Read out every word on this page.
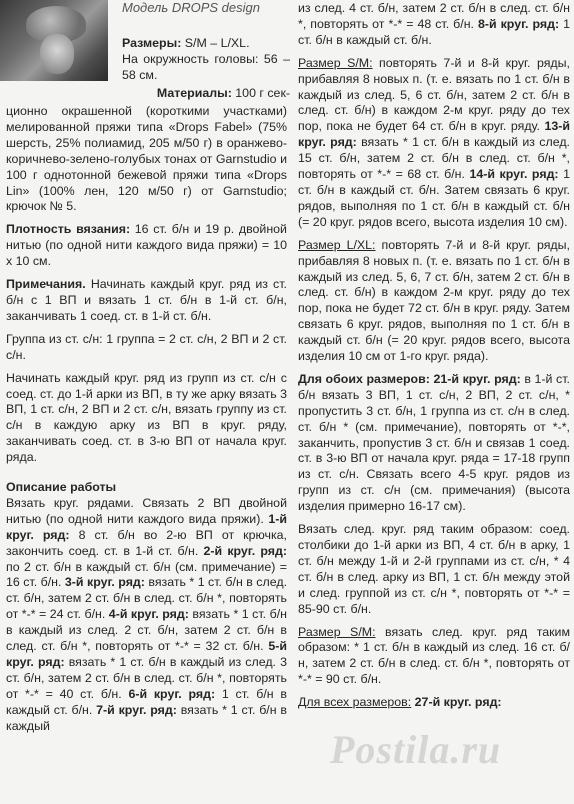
Модель DROPS design

Размеры: S/M – L/XL.

На окружность головы: 56 – 58 см.

Материалы: 100 г сек-

ционно окрашенной (короткими участками) мелированной пряжи типа «Drops Fabel» (75% шерсть, 25% полиамид, 205 м/50 г) в оранжево-коричнево-зелено-голубых тонах от Garnstudio и 100 г однотонной бежевой пряжи типа «Drops Lin» (100% лен, 120 м/50 г) от Garnstudio; крючок № 5.

Плотность вязания: 16 ст. б/н и 19 р. двойной нитью (по одной нити каждого вида пряжи) = 10 x 10 см.

Примечания. Начинать каждый круг. ряд из ст. б/н с 1 ВП и вязать 1 ст. б/н в 1-й ст. б/н, заканчивать 1 соед. ст. в 1-й ст. б/н.

Группа из ст. с/н: 1 группа = 2 ст. с/н, 2 ВП и 2 ст. с/н.

Начинать каждый круг. ряд из групп из ст. с/н с соед. ст. до 1-й арки из ВП, в ту же арку вязать 3 ВП, 1 ст. с/н, 2 ВП и 2 ст. с/н, вязать группу из ст. с/н в каждую арку из ВП в круг. ряду, заканчивать соед. ст. в 3-ю ВП от начала круг. ряда.

Описание работы

Вязать круг. рядами. Связать 2 ВП двойной нитью (по одной нити каждого вида пряжи). 1-й круг. ряд: 8 ст. б/н во 2-ю ВП от крючка, закончить соед. ст. в 1-й ст. б/н. 2-й круг. ряд: по 2 ст. б/н в каждый ст. б/н (см. примечание) = 16 ст. б/н. 3-й круг. ряд: вязать * 1 ст. б/н в след. ст. б/н, затем 2 ст. б/н в след. ст. б/н *, повторять от *-* = 24 ст. б/н. 4-й круг. ряд: вязать * 1 ст. б/н в каждый из след. 2 ст. б/н, затем 2 ст. б/н в след. ст. б/н *, повторять от *-* = 32 ст. б/н. 5-й круг. ряд: вязать * 1 ст. б/н в каждый из след. 3 ст. б/н, затем 2 ст. б/н в след. ст. б/н *, повторять от *-* = 40 ст. б/н. 6-й круг. ряд: 1 ст. б/н в каждый ст. б/н. 7-й круг. ряд: вязать * 1 ст. б/н в каждый

из след. 4 ст. б/н, затем 2 ст. б/н в след. ст. б/н *, повторять от *-* = 48 ст. б/н. 8-й круг. ряд: 1 ст. б/н в каждый ст. б/н.

Размер S/M: повторять 7-й и 8-й круг. ряды, прибавляя 8 новых п. (т. е. вязать по 1 ст. б/н в каждый из след. 5, 6 ст. б/н, затем 2 ст. б/н в след. ст. б/н) в каждом 2-м круг. ряду до тех пор, пока не будет 64 ст. б/н в круг. ряду. 13-й круг. ряд: вязать * 1 ст. б/н в каждый из след. 15 ст. б/н, затем 2 ст. б/н в след. ст. б/н *, повторять от *-* = 68 ст. б/н. 14-й круг. ряд: 1 ст. б/н в каждый ст. б/н. Затем связать 6 круг. рядов, выполняя по 1 ст. б/н в каждый ст. б/н (= 20 круг. рядов всего, высота изделия 10 см).

Размер L/XL: повторять 7-й и 8-й круг. ряды, прибавляя 8 новых п. (т. е. вязать по 1 ст. б/н в каждый из след. 5, 6, 7 ст. б/н, затем 2 ст. б/н в след. ст. б/н) в каждом 2-м круг. ряду до тех пор, пока не будет 72 ст. б/н в круг. ряду. Затем связать 6 круг. рядов, выполняя по 1 ст. б/н в каждый ст. б/н (= 20 круг. рядов всего, высота изделия 10 см от 1-го круг. ряда).

Для обоих размеров: 21-й круг. ряд: в 1-й ст. б/н вязать 3 ВП, 1 ст. с/н, 2 ВП, 2 ст. с/н, * пропустить 3 ст. б/н, 1 группа из ст. с/н в след. ст. б/н * (см. примечание), повторять от *-*, заканчить, пропустив 3 ст. б/н и связав 1 соед. ст. в 3-ю ВП от начала круг. ряда = 17-18 групп из ст. с/н. Связать всего 4-5 круг. рядов из групп из ст. с/н (см. примечания) (высота изделия примерно 16-17 см).

Вязать след. круг. ряд таким образом: соед. столбики до 1-й арки из ВП, 4 ст. б/н в арку, 1 ст. б/н между 1-й и 2-й группами из ст. с/н, * 4 ст. б/н в след. арку из ВП, 1 ст. б/н между этой и след. группой из ст. с/н *, повторять от *-* = 85-90 ст. б/н.

Размер S/M: вязать след. круг. ряд таким образом: * 1 ст. б/н в каждый из след. 16 ст. б/н, затем 2 ст. б/н в след. ст. б/н *, повторять от *-* = 90 ст. б/н.

Для всех размеров: 27-й круг. ряд:

Postila.ru
